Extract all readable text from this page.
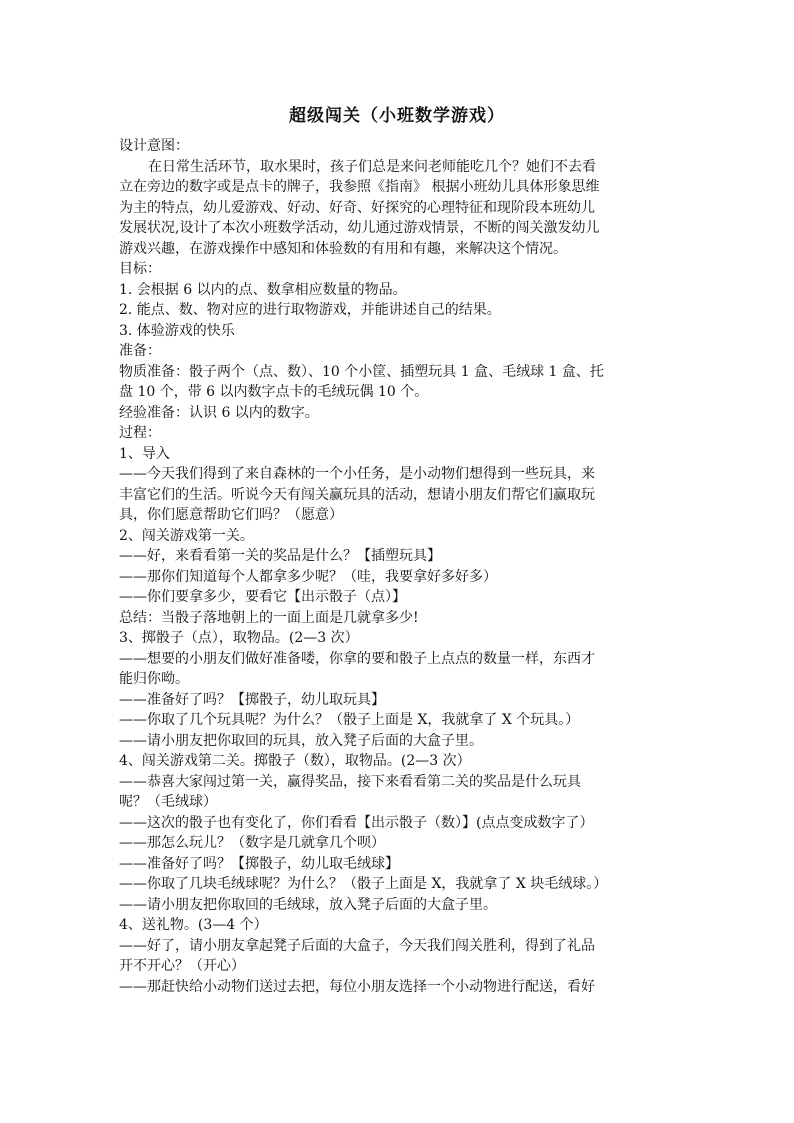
超级闯关（小班数学游戏）
设计意图：
在日常生活环节，取水果时，孩子们总是来问老师能吃几个？她们不去看
立在旁边的数字或是点卡的牌子，我参照《指南》 根据小班幼儿具体形象思维
为主的特点，幼儿爱游戏、好动、好奇、好探究的心理特征和现阶段本班幼儿
发展状况,设计了本次小班数学活动，幼儿通过游戏情景，不断的闯关激发幼儿
游戏兴趣，在游戏操作中感知和体验数的有用和有趣，来解决这个情况。
目标：
1. 会根据 6 以内的点、数拿相应数量的物品。
2. 能点、数、物对应的进行取物游戏，并能讲述自己的结果。
3. 体验游戏的快乐
准备：
物质准备：骰子两个（点、数）、10 个小筐、插塑玩具 1 盒、毛绒球 1 盒、托
盘 10 个，带 6 以内数字点卡的毛绒玩偶 10 个。
经验准备：认识 6 以内的数字。
过程：
1、导入
——今天我们得到了来自森林的一个小任务，是小动物们想得到一些玩具，来
丰富它们的生活。听说今天有闯关赢玩具的活动，想请小朋友们帮它们赢取玩
具，你们愿意帮助它们吗？（愿意）
2、闯关游戏第一关。
——好，来看看第一关的奖品是什么？【插塑玩具】
——那你们知道每个人都拿多少呢？（哇，我要拿好多好多）
——你们要拿多少，要看它【出示骰子（点）】
总结：当骰子落地朝上的一面上面是几就拿多少!
3、掷骰子（点），取物品。(2—3 次）
——想要的小朋友们做好准备喽，你拿的要和骰子上点点的数量一样，东西才
能归你呦。
——准备好了吗？【掷骰子，幼儿取玩具】
——你取了几个玩具呢？为什么？（骰子上面是 X，我就拿了 X 个玩具。）
——请小朋友把你取回的玩具，放入凳子后面的大盒子里。
4、闯关游戏第二关。掷骰子（数），取物品。(2—3 次）
——恭喜大家闯过第一关，赢得奖品，接下来看看第二关的奖品是什么玩具
呢？（毛绒球）
——这次的骰子也有变化了，你们看看【出示骰子（数）】(点点变成数字了）
——那怎么玩儿？（数字是几就拿几个呗）
——准备好了吗？【掷骰子，幼儿取毛绒球】
——你取了几块毛绒球呢？为什么？（骰子上面是 X，我就拿了 X 块毛绒球。）
——请小朋友把你取回的毛绒球，放入凳子后面的大盒子里。
4、送礼物。(3—4 个）
——好了，请小朋友拿起凳子后面的大盒子，今天我们闯关胜利，得到了礼品
开不开心？（开心）
——那赶快给小动物们送过去把，每位小朋友选择一个小动物进行配送，看好
